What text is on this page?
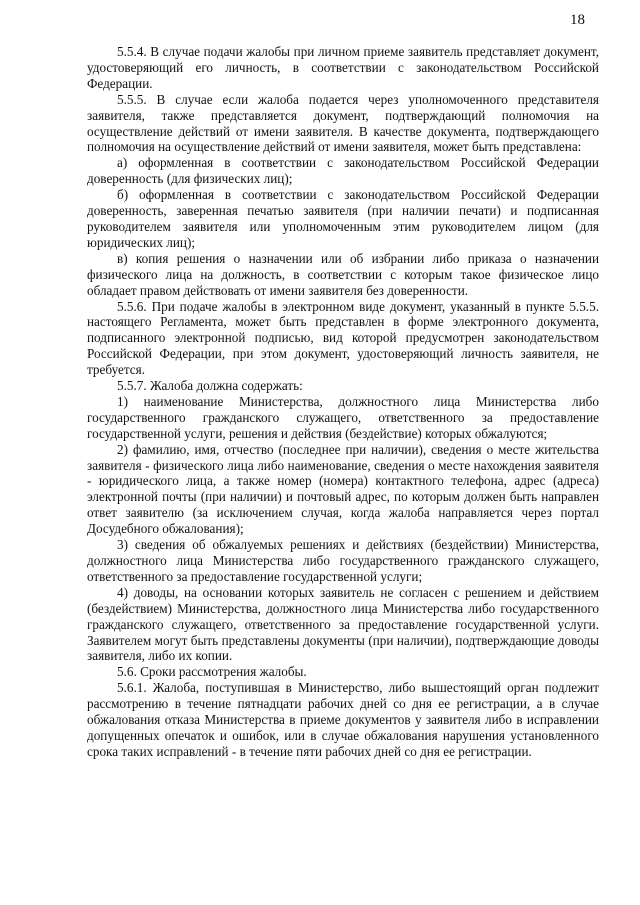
18

5.5.4. В случае подачи жалобы при личном приеме заявитель представляет документ, удостоверяющий его личность, в соответствии с законодательством Российской Федерации.

5.5.5. В случае если жалоба подается через уполномоченного представителя заявителя, также представляется документ, подтверждающий полномочия на осуществление действий от имени заявителя. В качестве документа, подтверждающего полномочия на осуществление действий от имени заявителя, может быть представлена:

а) оформленная в соответствии с законодательством Российской Федерации доверенность (для физических лиц);

б) оформленная в соответствии с законодательством Российской Федерации доверенность, заверенная печатью заявителя (при наличии печати) и подписанная руководителем заявителя или уполномоченным этим руководителем лицом (для юридических лиц);

в) копия решения о назначении или об избрании либо приказа о назначении физического лица на должность, в соответствии с которым такое физическое лицо обладает правом действовать от имени заявителя без доверенности.

5.5.6. При подаче жалобы в электронном виде документ, указанный в пункте 5.5.5. настоящего Регламента, может быть представлен в форме электронного документа, подписанного электронной подписью, вид которой предусмотрен законодательством Российской Федерации, при этом документ, удостоверяющий личность заявителя, не требуется.

5.5.7. Жалоба должна содержать:

1) наименование Министерства, должностного лица Министерства либо государственного гражданского служащего, ответственного за предоставление государственной услуги, решения и действия (бездействие) которых обжалуются;

2) фамилию, имя, отчество (последнее при наличии), сведения о месте жительства заявителя - физического лица либо наименование, сведения о месте нахождения заявителя - юридического лица, а также номер (номера) контактного телефона, адрес (адреса) электронной почты (при наличии) и почтовый адрес, по которым должен быть направлен ответ заявителю (за исключением случая, когда жалоба направляется через портал Досудебного обжалования);

3) сведения об обжалуемых решениях и действиях (бездействии) Министерства, должностного лица Министерства либо государственного гражданского служащего, ответственного за предоставление государственной услуги;

4) доводы, на основании которых заявитель не согласен с решением и действием (бездействием) Министерства, должностного лица Министерства либо государственного гражданского служащего, ответственного за предоставление государственной услуги. Заявителем могут быть представлены документы (при наличии), подтверждающие доводы заявителя, либо их копии.

5.6. Сроки рассмотрения жалобы.

5.6.1. Жалоба, поступившая в Министерство, либо вышестоящий орган подлежит рассмотрению в течение пятнадцати рабочих дней со дня ее регистрации, а в случае обжалования отказа Министерства в приеме документов у заявителя либо в исправлении допущенных опечаток и ошибок, или в случае обжалования нарушения установленного срока таких исправлений - в течение пяти рабочих дней со дня ее регистрации.
